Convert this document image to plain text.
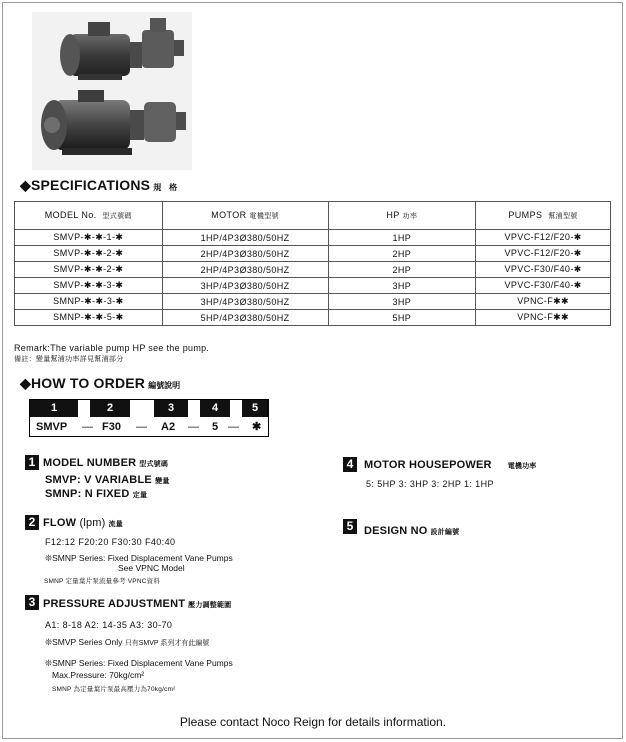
◆SPECIFICATIONS 規　格
MODEL No. 型式號碼	MOTOR 電機型號	HP 功率	PUMPS 幫浦型號
SMVP-✱-✱-1-✱	1HP/4P3Ø380/50HZ	1HP	VPVC-F12/F20-✱
SMVP-✱-✱-2-✱	2HP/4P3Ø380/50HZ	2HP	VPVC-F12/F20-✱
SMVP-✱-✱-2-✱	2HP/4P3Ø380/50HZ	2HP	VPVC-F30/F40-✱
SMVP-✱-✱-3-✱	3HP/4P3Ø380/50HZ	3HP	VPVC-F30/F40-✱
SMNP-✱-✱-3-✱	3HP/4P3Ø380/50HZ	3HP	VPNC-F✱✱
SMNP-✱-✱-5-✱	5HP/4P3Ø380/50HZ	5HP	VPNC-F✱✱
Remark:The variable pump HP see the pump.
備註：變量幫浦功率詳見幫浦部分
◆HOW TO ORDER 編號說明
1	2	3	4	5
SMVP — F30 — A2 — 5 — ✱
1 MODEL NUMBER 型式號碼
SMVP: V VARIABLE 變量
SMNP: N FIXED 定量
2 FLOW (lpm) 流量
F12:12 F20:20 F30:30 F40:40
❊SMNP Series: Fixed Displacement Vane Pumps
See VPNC Model
SMNP 定量葉片泵流量參考 VPNC資料
3 PRESSURE ADJUSTMENT 壓力調整範圍
A1: 8-18 A2: 14-35 A3: 30-70
❊SMVP Series Only 只有SMVP 系列才有此編號
❊SMNP Series: Fixed Displacement Vane Pumps
Max.Pressure: 70kg/cm²
SMNP 為定量葉片泵最高壓力為70kg/cm²
4 MOTOR HOUSEPOWER 電機功率
5: 5HP 3: 3HP 3: 2HP 1: 1HP
5 DESIGN NO 設計編號
Please contact Noco Reign for details information.
